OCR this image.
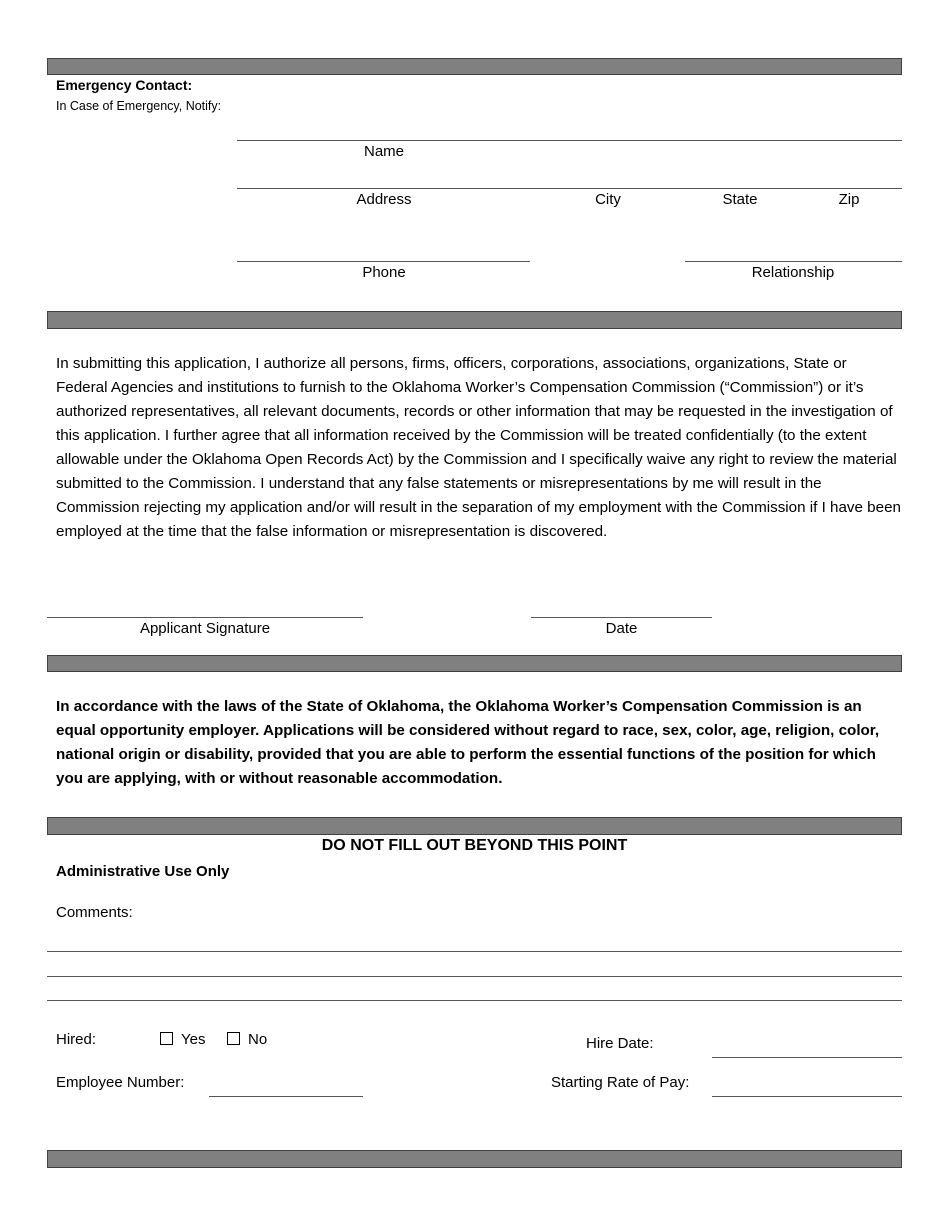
Emergency Contact:
In Case of Emergency, Notify:
Name
Address	City	State	Zip
Phone	Relationship
In submitting this application, I authorize all persons, firms, officers, corporations, associations, organizations, State or Federal Agencies and institutions to furnish to the Oklahoma Worker’s Compensation Commission (“Commission”) or it’s authorized representatives, all relevant documents, records or other information that may be requested in the investigation of this application. I further agree that all information received by the Commission will be treated confidentially (to the extent allowable under the Oklahoma Open Records Act) by the Commission and I specifically waive any right to review the material submitted to the Commission. I understand that any false statements or misrepresentations by me will result in the Commission rejecting my application and/or will result in the separation of my employment with the Commission if I have been employed at the time that the false information or misrepresentation is discovered.
Applicant Signature	Date
In accordance with the laws of the State of Oklahoma, the Oklahoma Worker’s Compensation Commission is an equal opportunity employer. Applications will be considered without regard to race, sex, color, age, religion, color, national origin or disability, provided that you are able to perform the essential functions of the position for which you are applying, with or without reasonable accommodation.
DO NOT FILL OUT BEYOND THIS POINT
Administrative Use Only
Comments:
Hired:	Yes	No	Hire Date:
Employee Number:	Starting Rate of Pay:
